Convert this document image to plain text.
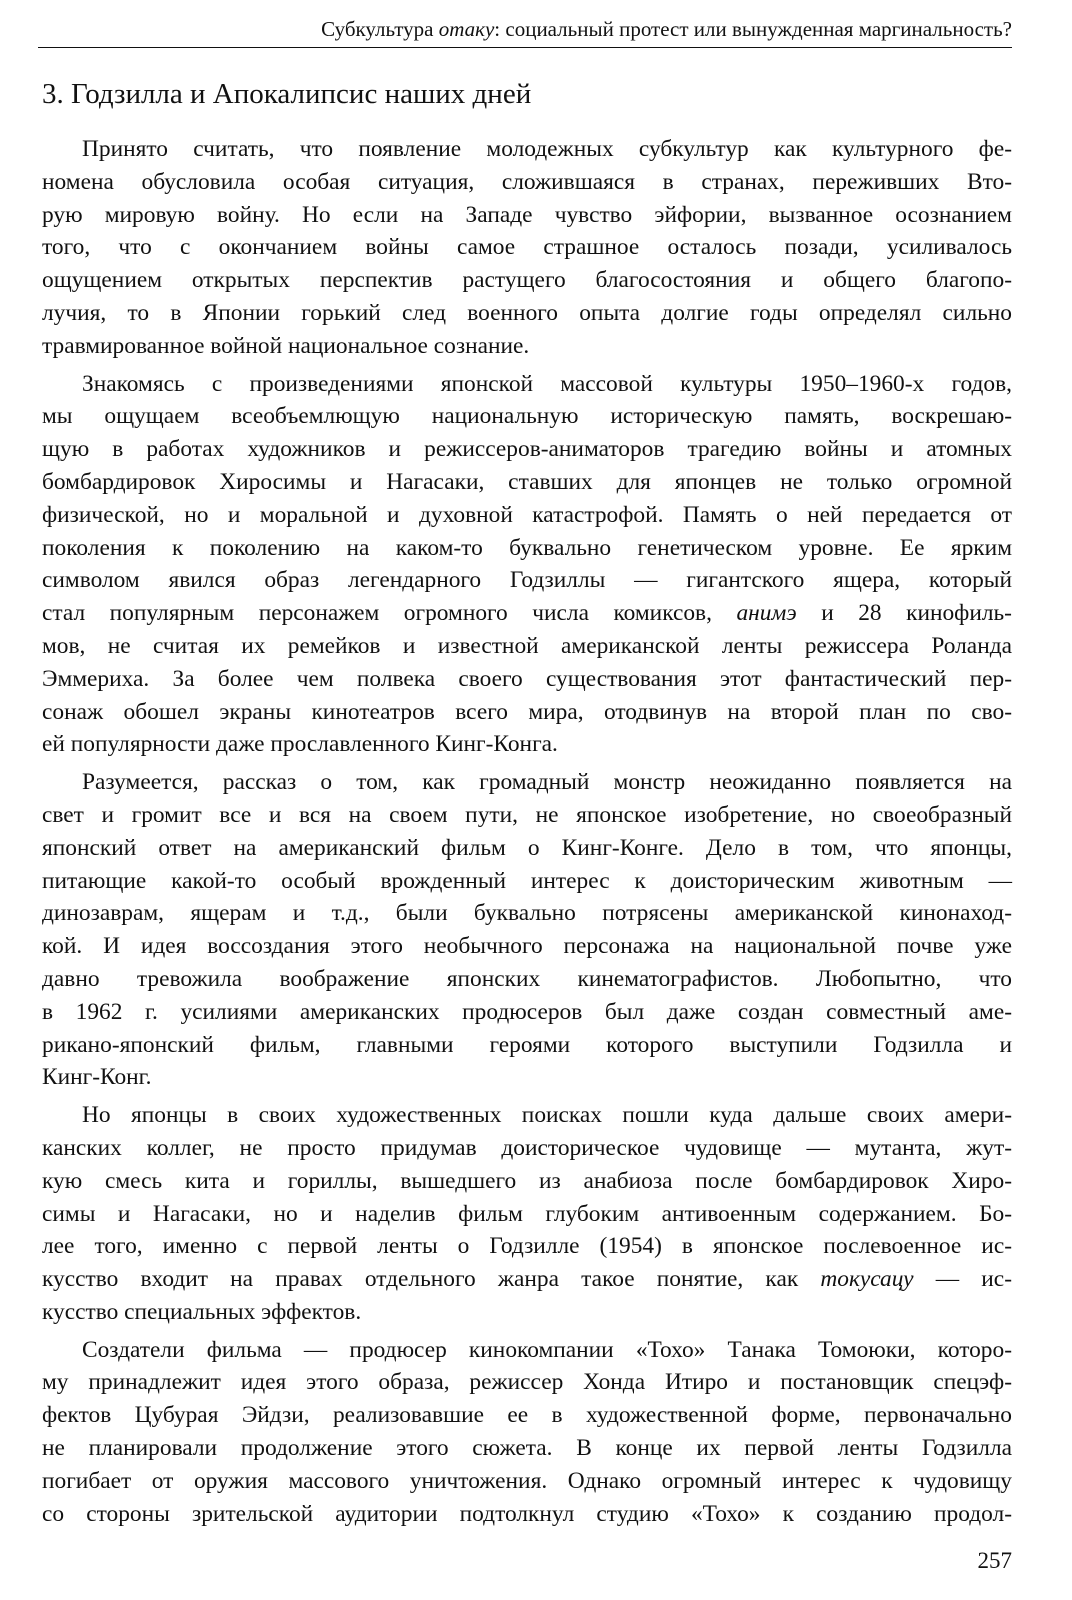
Субкультура отаку: социальный протест или вынужденная маргинальность?
3. Годзилла и Апокалипсис наших дней

Принято считать, что появление молодежных субкультур как культурного фе-

номена обусловила особая ситуация, сложившаяся в странах, переживших Вто-

рую мировую войну. Но если на Западе чувство эйфории, вызванное осознанием

того, что с окончанием войны самое страшное осталось позади, усиливалось

ощущением открытых перспектив растущего благосостояния и общего благопо-

лучия, то в Японии горький след военного опыта долгие годы определял сильно

травмированное войной национальное сознание.

Знакомясь с произведениями японской массовой культуры 1950–1960-х годов,

мы ощущаем всеобъемлющую национальную историческую память, воскрешаю-

щую в работах художников и режиссеров-аниматоров трагедию войны и атомных

бомбардировок Хиросимы и Нагасаки, ставших для японцев не только огромной

физической, но и моральной и духовной катастрофой. Память о ней передается от

поколения к поколению на каком-то буквально генетическом уровне. Ее ярким

символом явился образ легендарного Годзиллы — гигантского ящера, который

стал популярным персонажем огромного числа комиксов, анимэ и 28 кинофиль-

мов, не считая их ремейков и известной американской ленты режиссера Роланда

Эммериха. За более чем полвека своего существования этот фантастический пер-

сонаж обошел экраны кинотеатров всего мира, отодвинув на второй план по сво-

ей популярности даже прославленного Кинг-Конга.

Разумеется, рассказ о том, как громадный монстр неожиданно появляется на

свет и громит все и вся на своем пути, не японское изобретение, но своеобразный

японский ответ на американский фильм о Кинг-Конге. Дело в том, что японцы,

питающие какой-то особый врожденный интерес к доисторическим животным —

динозаврам, ящерам и т.д., были буквально потрясены американской кинонаход-

кой. И идея воссоздания этого необычного персонажа на национальной почве уже

давно тревожила воображение японских кинематографистов. Любопытно, что

в 1962 г. усилиями американских продюсеров был даже создан совместный аме-

рикано-японский фильм, главными героями которого выступили Годзилла и

Кинг-Конг.

Но японцы в своих художественных поисках пошли куда дальше своих амери-

канских коллег, не просто придумав доисторическое чудовище — мутанта, жут-

кую смесь кита и гориллы, вышедшего из анабиоза после бомбардировок Хиро-

симы и Нагасаки, но и наделив фильм глубоким антивоенным содержанием. Бо-

лее того, именно с первой ленты о Годзилле (1954) в японское послевоенное ис-

кусство входит на правах отдельного жанра такое понятие, как токусацу — ис-

кусство специальных эффектов.

Создатели фильма — продюсер кинокомпании «Тохо» Танака Томоюки, которо-

му принадлежит идея этого образа, режиссер Хонда Итиро и постановщик спецэф-

фектов Цубурая Эйдзи, реализовавшие ее в художественной форме, первоначально

не планировали продолжение этого сюжета. В конце их первой ленты Годзилла

погибает от оружия массового уничтожения. Однако огромный интерес к чудовищу

со стороны зрительской аудитории подтолкнул студию «Тохо» к созданию продол-

257
